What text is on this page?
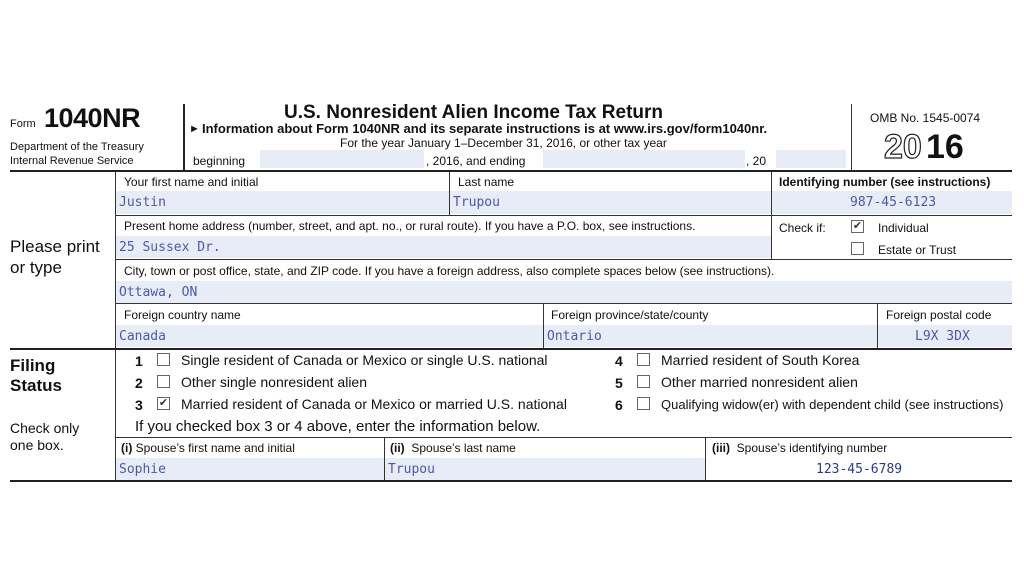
Form 1040NR
Department of the Treasury
Internal Revenue Service
U.S. Nonresident Alien Income Tax Return
► Information about Form 1040NR and its separate instructions is at www.irs.gov/form1040nr.
For the year January 1–December 31, 2016, or other tax year
beginning	, 2016, and ending	, 20
OMB No. 1545-0074
20 16
Please print
or type
Your first name and initial
Justin
Last name
Trupou
Identifying number (see instructions)
987-45-6123
Present home address (number, street, and apt. no., or rural route). If you have a P.O. box, see instructions.
25 Sussex Dr.
Check if: ✔ Individual
Estate or Trust
City, town or post office, state, and ZIP code. If you have a foreign address, also complete spaces below (see instructions).
Ottawa, ON
Foreign country name
Canada
Foreign province/state/county
Ontario
Foreign postal code
L9X 3DX
Filing
Status
Check only
one box.
1	Single resident of Canada or Mexico or single U.S. national
2	Other single nonresident alien
3 ✔ Married resident of Canada or Mexico or married U.S. national
4	Married resident of South Korea
5	Other married nonresident alien
6	Qualifying widow(er) with dependent child (see instructions)
If you checked box 3 or 4 above, enter the information below.
(i) Spouse’s first name and initial
Sophie
(ii) Spouse’s last name
Trupou
(iii) Spouse’s identifying number
123-45-6789
